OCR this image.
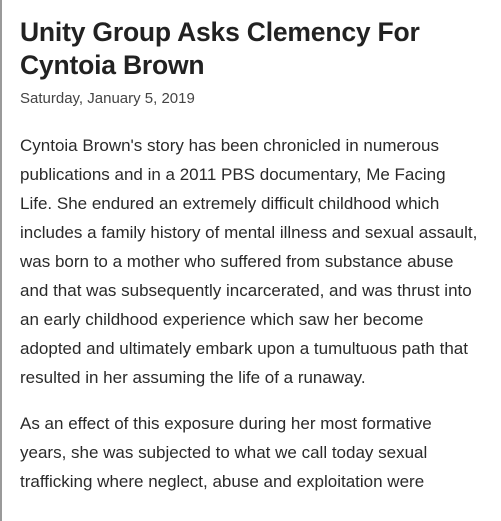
Unity Group Asks Clemency For Cyntoia Brown
Saturday, January 5, 2019

Cyntoia Brown's story has been chronicled in numerous publications and in a 2011 PBS documentary, Me Facing Life. She endured an extremely difficult childhood which includes a family history of mental illness and sexual assault, was born to a mother who suffered from substance abuse and that was subsequently incarcerated, and was thrust into an early childhood experience which saw her become adopted and ultimately embark upon a tumultuous path that resulted in her assuming the life of a runaway.

As an effect of this exposure during her most formative years, she was subjected to what we call today sexual trafficking where neglect, abuse and exploitation were
